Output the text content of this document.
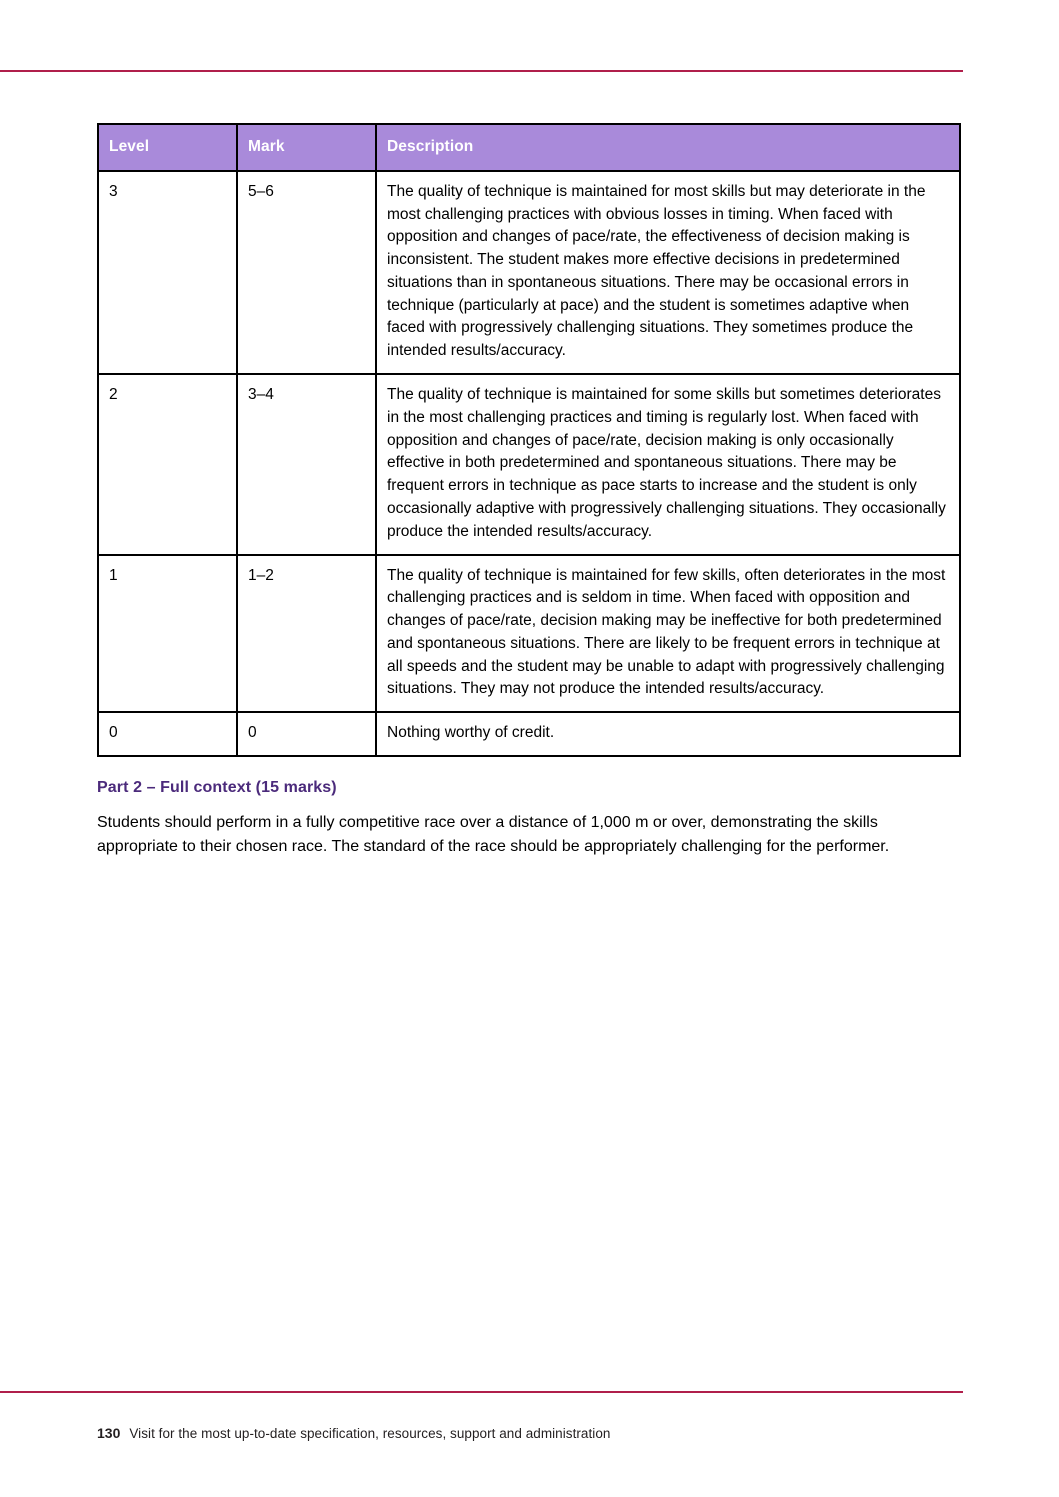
Level	Mark	Description
3	5–6	The quality of technique is maintained for most skills but may deteriorate in the most challenging practices with obvious losses in timing. When faced with opposition and changes of pace/rate, the effectiveness of decision making is inconsistent. The student makes more effective decisions in predetermined situations than in spontaneous situations. There may be occasional errors in technique (particularly at pace) and the student is sometimes adaptive when faced with progressively challenging situations. They sometimes produce the intended results/accuracy.
2	3–4	The quality of technique is maintained for some skills but sometimes deteriorates in the most challenging practices and timing is regularly lost. When faced with opposition and changes of pace/rate, decision making is only occasionally effective in both predetermined and spontaneous situations. There may be frequent errors in technique as pace starts to increase and the student is only occasionally adaptive with progressively challenging situations. They occasionally produce the intended results/accuracy.
1	1–2	The quality of technique is maintained for few skills, often deteriorates in the most challenging practices and is seldom in time. When faced with opposition and changes of pace/rate, decision making may be ineffective for both predetermined and spontaneous situations. There are likely to be frequent errors in technique at all speeds and the student may be unable to adapt with progressively challenging situations. They may not produce the intended results/accuracy.
0	0	Nothing worthy of credit.
Part 2 – Full context (15 marks)

Students should perform in a fully competitive race over a distance of 1,000 m or over, demonstrating the skills appropriate to their chosen race. The standard of the race should be appropriately challenging for the performer.

130 Visit for the most up-to-date specification, resources, support and administration
